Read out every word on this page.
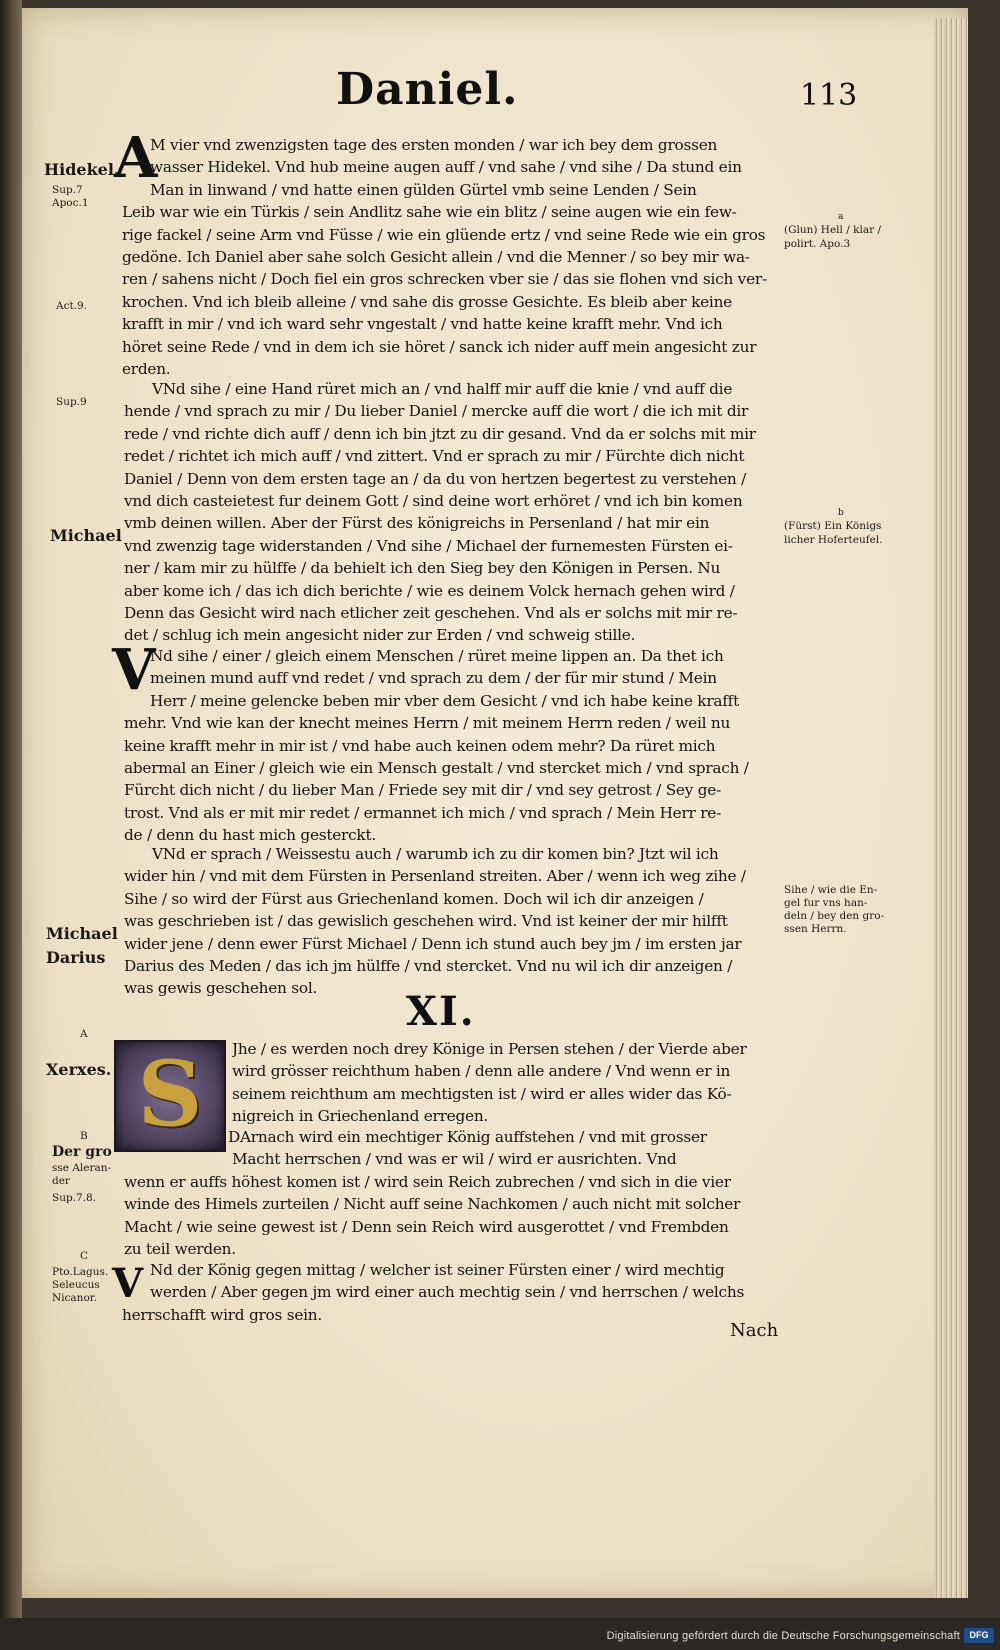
Daniel.	113
A
M vier vnd zwenzigsten tage des ersten monden / war ich bey dem grossen
wasser Hidekel. Vnd hub meine augen auff / vnd sahe / vnd sihe / Da stund ein
Man in linwand / vnd hatte einen gülden Gürtel vmb seine Lenden / Sein
Leib war wie ein Türkis / sein Andlitz sahe wie ein blitz / seine augen wie ein few-
rige fackel / seine Arm vnd Füsse / wie ein glüende ertz / vnd seine Rede wie ein gros
gedöne. Ich Daniel aber sahe solch Gesicht allein / vnd die Menner / so bey mir wa-
ren / sahens nicht / Doch fiel ein gros schrecken vber sie / das sie flohen vnd sich ver-
krochen. Vnd ich bleib alleine / vnd sahe dis grosse Gesichte. Es bleib aber keine
krafft in mir / vnd ich ward sehr vngestalt / vnd hatte keine krafft mehr. Vnd ich
höret seine Rede / vnd in dem ich sie höret / sanck ich nider auff mein angesicht zur
erden.
VNd sihe / eine Hand rüret mich an / vnd halff mir auff die knie / vnd auff die
hende / vnd sprach zu mir / Du lieber Daniel / mercke auff die wort / die ich mit dir
rede / vnd richte dich auff / denn ich bin jtzt zu dir gesand. Vnd da er solchs mit mir
redet / richtet ich mich auff / vnd zittert. Vnd er sprach zu mir / Fürchte dich nicht
Daniel / Denn von dem ersten tage an / da du von hertzen begertest zu verstehen /
vnd dich casteietest fur deinem Gott / sind deine wort erhöret / vnd ich bin komen
vmb deinen willen. Aber der Fürst des königreichs in Persenland / hat mir ein
vnd zwenzig tage widerstanden / Vnd sihe / Michael der furnemesten Fürsten ei-
ner / kam mir zu hülffe / da behielt ich den Sieg bey den Königen in Persen. Nu
aber kome ich / das ich dich berichte / wie es deinem Volck hernach gehen wird /
Denn das Gesicht wird nach etlicher zeit geschehen. Vnd als er solchs mit mir re-
det / schlug ich mein angesicht nider zur Erden / vnd schweig stille.
V
Nd sihe / einer / gleich einem Menschen / rüret meine lippen an. Da thet ich
meinen mund auff vnd redet / vnd sprach zu dem / der für mir stund / Mein
Herr / meine gelencke beben mir vber dem Gesicht / vnd ich habe keine krafft
mehr. Vnd wie kan der knecht meines Herrn / mit meinem Herrn reden / weil nu
keine krafft mehr in mir ist / vnd habe auch keinen odem mehr? Da rüret mich
abermal an Einer / gleich wie ein Mensch gestalt / vnd stercket mich / vnd sprach /
Fürcht dich nicht / du lieber Man / Friede sey mit dir / vnd sey getrost / Sey ge-
trost. Vnd als er mit mir redet / ermannet ich mich / vnd sprach / Mein Herr re-
de / denn du hast mich gesterckt.
VNd er sprach / Weissestu auch / warumb ich zu dir komen bin? Jtzt wil ich
wider hin / vnd mit dem Fürsten in Persenland streiten. Aber / wenn ich weg zihe /
Sihe / so wird der Fürst aus Griechenland komen. Doch wil ich dir anzeigen /
was geschrieben ist / das gewislich geschehen wird. Vnd ist keiner der mir hilfft
wider jene / denn ewer Fürst Michael / Denn ich stund auch bey jm / im ersten jar
Darius des Meden / das ich jm hülffe / vnd stercket. Vnd nu wil ich dir anzeigen /
was gewis geschehen sol.	XI.
S	Jhe / es werden noch drey Könige in Persen stehen / der Vierde aber
wird grösser reichthum haben / denn alle andere / Vnd wenn er in
seinem reichthum am mechtigsten ist / wird er alles wider das Kö-
nigreich in Griechenland erregen.
DArnach wird ein mechtiger König auffstehen / vnd mit grosser
Macht herrschen / vnd was er wil / wird er ausrichten. Vnd
wenn er auffs höhest komen ist / wird sein Reich zubrechen / vnd sich in die vier
winde des Himels zurteilen / Nicht auff seine Nachkomen / auch nicht mit solcher
Macht / wie seine gewest ist / Denn sein Reich wird ausgerottet / vnd Frembden
zu teil werden.
V Nd der König gegen mittag / welcher ist seiner Fürsten einer / wird mechtig
werden / Aber gegen jm wird einer auch mechtig sein / vnd herrschen / welchs
herrschafft wird gros sein.
Nach
Hidekel.
Sup.7
Apoc.1
Act.9.
Sup.9
Michael
Michael
Darius
A
Xerxes.
B
Der gro
sse Aleran-
der
Sup.7.8.
C
Pto.Lagus.
Seleucus
Nicanor.
a
(Glun) Hell / klar /
polirt. Apo.3
b
(Fürst) Ein Königs
licher Hoferteufel.
Sihe / wie die En-
gel fur vns han-
deln / bey den gro-
ssen Herrn.
Digitalisierung gefördert durch die Deutsche Forschungsgemeinschaft	DFG
